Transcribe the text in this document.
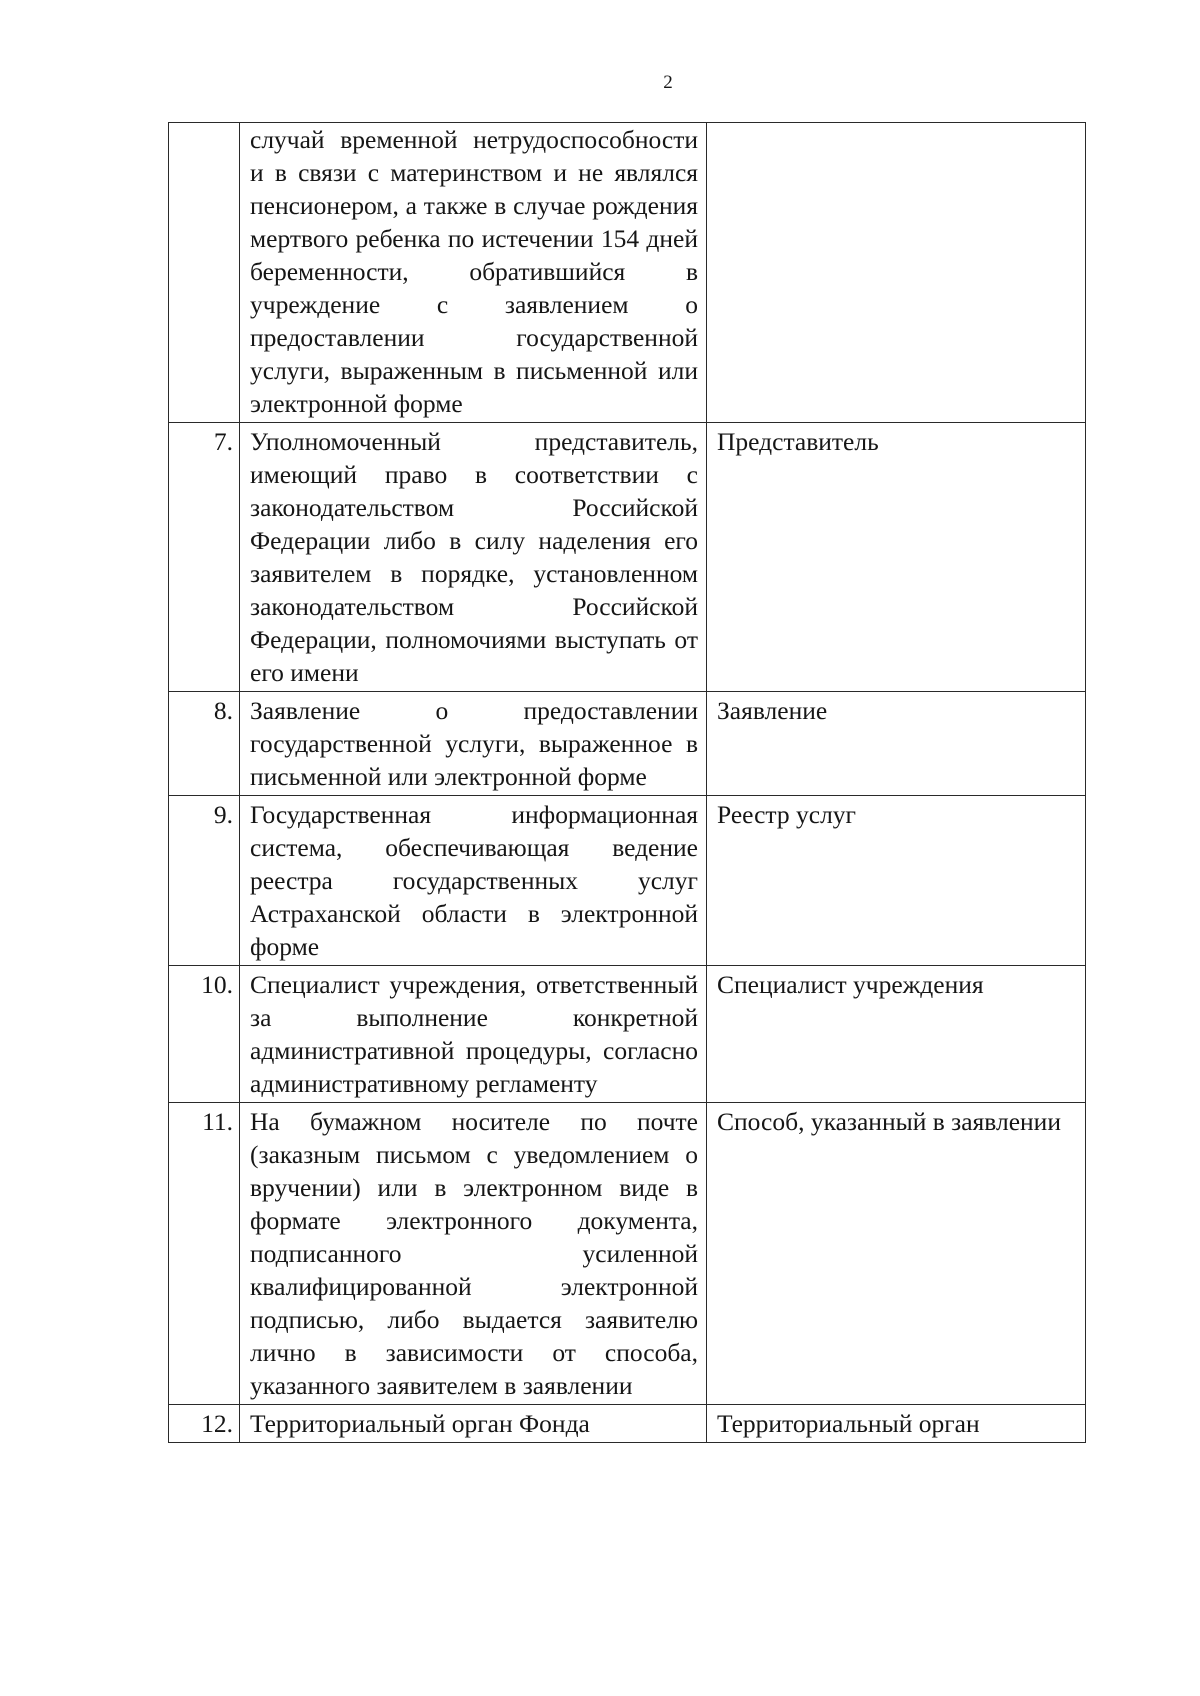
2
	случай временной нетрудоспособности и в связи с материнством и не являлся пенсионером, а также в случае рождения мертвого ребенка по истечении 154 дней беременности, обратившийся в учреждение с заявлением о предоставлении государственной услуги, выраженным в письменной или электронной форме	
7.	Уполномоченный представитель, имеющий право в соответствии с законодательством Российской Федерации либо в силу наделения его заявителем в порядке, установленном законодательством Российской Федерации, полномочиями выступать от его имени	Представитель
8.	Заявление о предоставлении государственной услуги, выраженное в письменной или электронной форме	Заявление
9.	Государственная информационная система, обеспечивающая ведение реестра государственных услуг Астраханской области в электронной форме	Реестр услуг
10.	Специалист учреждения, ответственный за выполнение конкретной административной процедуры, согласно административному регламенту	Специалист учреждения
11.	На бумажном носителе по почте (заказным письмом с уведомлением о вручении) или в электронном виде в формате электронного документа, подписанного усиленной квалифицированной электронной подписью, либо выдается заявителю лично в зависимости от способа, указанного заявителем в заявлении	Способ, указанный в заявлении
12.	Территориальный орган Фонда	Территориальный орган
